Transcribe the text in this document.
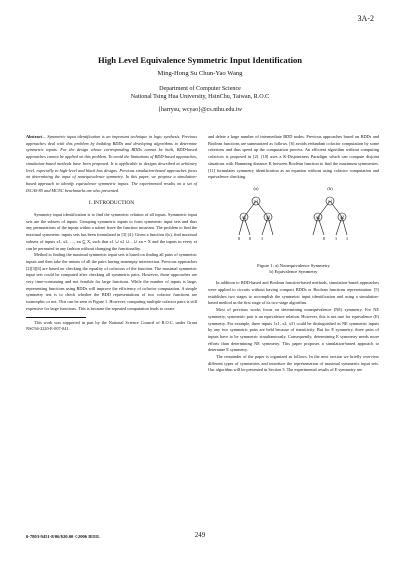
3A-2
High Level Equivalence Symmetric Input Identification
Ming-Hong Su Chun-Yao Wang
Department of Computer Science
National Tsing Hua University, HsinChu, Taiwan, R.O.C
{harrysu, wcyao}@cs.nthu.edu.tw

Abstract— Symmetric input identification is an important technique in logic synthesis. Previous approaches deal with this problem by building BDDs and developing algorithms to determine symmetric inputs. For the design whose corresponding BDDs cannot be built, BDD-based approaches cannot be applied on this problem. To avoid the limitations of BDD-based approaches, simulation-based methods have been proposed. It is applicable to designs described at arbitrary level, especially to high-level and black box designs. Previous simulation-based approaches focus on determining the input of nonequivalence symmetry. In this paper, we propose a simulation-based approach to identify equivalence symmetric inputs. The experimental results on a set of ISCAS-85 and MCNC benchmarks are also presented.

I. INTRODUCTION

Symmetry input identification is to find the symmetric relation of all inputs. Symmetric input sets are the subsets of inputs. Grouping symmetric inputs to form symmetric input sets and thus any permutations of the inputs within a subset leave the function invariant. The problem to find the maximal symmetric inputs sets has been formulated in [3] [4]: Given a function f(x), find maximal subsets of inputs x1, x2, …, xn ⊆ X, such that x1 ∪ x2 ∪…∪ xn = X and the inputs in every xi can be permuted in any fashion without changing the functionality.

Method to finding the maximal symmetric input sets is based on finding all pairs of symmetric inputs and then take the unions of all the pairs having nonempty intersection. Previous approaches [2][3][6] are based on checking the equality of cofactors of the function. The maximal symmetric input sets could be computed after checking all symmetric pairs. However, those approaches are very time-consuming and not feasible for large functions. While the number of inputs is large, representing functions using BDDs will improve the efficiency of cofactor computation. A simple symmetry test is to check whether the BDD representations of two cofactor functions are isomorphic or not. This can be seen in Figure 1. However, computing multiple cofactor pairs is still expensive for large functions. This is because the repeated computation leads to create

This work was supported in part by the National Science Council of R.O.C. under Grant NSC94-2220-E-007-041.

and delete a large number of intermediate BDD nodes. Previous approaches based on BDDs and Boolean functions are summarized as follows. [6] avoids redundant cofactor computation by some criterions and thus speed up the computation process. An efficient algorithm without computing cofactors is proposed in [2]. [10] uses a K-Disjointness Paradigm which can compute disjoint situations with Hamming distance K between Boolean function to find the maximum symmetries. [11] formulates symmetry identification as an equation without using cofactor computation and equivalence checking.

(a)	(b)
x1
x2	x2
x1
x2	x2
0 1	0 1
0	1
Figure 1: a) Nonequivalence Symmetry
b) Equivalence Symmetry

In addition to BDD-based and Boolean function-based methods, simulation-based approaches were applied to circuits without having compact BDDs or Boolean functions representation. [5] establishes two stages to accomplish the symmetric input identification and using a simulation-based method as the first stage of its two-stage algorithm.

Most of previous works focus on determining nonequivalence (NE) symmetry. For NE symmetry, symmetric pair is an equivalence relation. However, this is not true for equivalence (E) symmetry. For example, three inputs {x1, x2, x3} could be distinguished as NE symmetric inputs by any two symmetric pairs are held because of transitivity. But for E symmetry, three pairs of inputs have to be symmetric simultaneously. Consequently, determining E symmetry needs more efforts than determining NE symmetry. This paper proposes a simulation-based approach to determine E symmetry.

The remainder of the paper is organized as follows. In the next section we briefly overview different types of symmetries and introduce the representation of maximal symmetric input sets. Our algorithm will be presented in Section 3. The experimental results of E symmetry are

0-7803-9451-8/06/$20.00 ©2006 IEEE.	249
